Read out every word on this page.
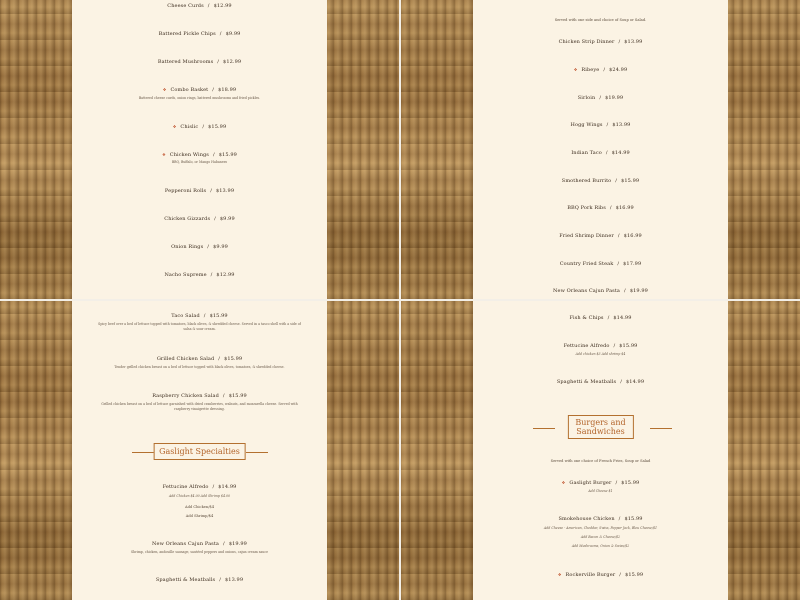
Cheese Curds / $12.99
Battered Pickle Chips / $9.99
Battered Mushrooms / $12.99
❖ Combo Basket / $18.99
Battered cheese curds, onion rings, battered mushrooms and fried pickles.
❖ Chislic / $15.99
❖ Chicken Wings / $15.99
BBQ, Buffalo, or Mango Habanero
Pepperoni Rolls / $13.99
Chicken Gizzards / $9.99
Onion Rings / $9.99
Nacho Supreme / $12.99
Served with one side and choice of Soup or Salad.
Chicken Strip Dinner / $13.99
❖ Ribeye / $24.99
Sirloin / $19.99
Hogg Wings / $13.99
Indian Taco / $14.99
Smothered Burrito / $15.99
BBQ Pork Ribs / $16.99
Fried Shrimp Dinner / $16.99
Country Fried Steak / $17.99
New Orleans Cajun Pasta / $19.99
Taco Salad / $15.99
Spicy beef over a bed of lettuce topped with tomatoes, black olives, & shredded cheese. Served in a tasco shell with a side of salsa & sour cream.
Grilled Chicken Salad / $15.99
Tender grilled chicken breast on a bed of lettuce topped with black olives, tomatoes, & shredded cheese.
Raspberry Chicken Salad / $15.99
Grilled chicken breast on a bed of lettuce garnished with dried cranberries, walnuts, and mozzarella cheese. Served with raspberry vinaigrette dressing.
Gaslight Specialties
Fettucine Alfredo / $14.99
Add Chicken $4.00 Add Shrimp $4.00
Add Chicken/$4
Add Shrimp/$4
New Orleans Cajun Pasta / $19.99
Shrimp, chicken, andouille sausage, sautéed peppers and onions, cajun cream sauce
Spaghetti & Meatballs / $13.99
Fish & Chips / $14.99
Fettucine Alfredo / $15.99
Add chicken $3 Add shrimp $4
Spaghetti & Meatballs / $14.99
Burgers and
Sandwiches
Served with one choice of French Fries, Soup or Salad
❖ Gaslight Burger / $15.99
Add Cheese $1
Smokehouse Chicken / $15.99
Add Cheese - American, Cheddar, Swiss, Pepper Jack, Bleu Cheese/$1
Add Bacon & Cheese/$2
Add Mushrooms, Onion & Swiss/$2
❖ Rockerville Burger / $15.99
